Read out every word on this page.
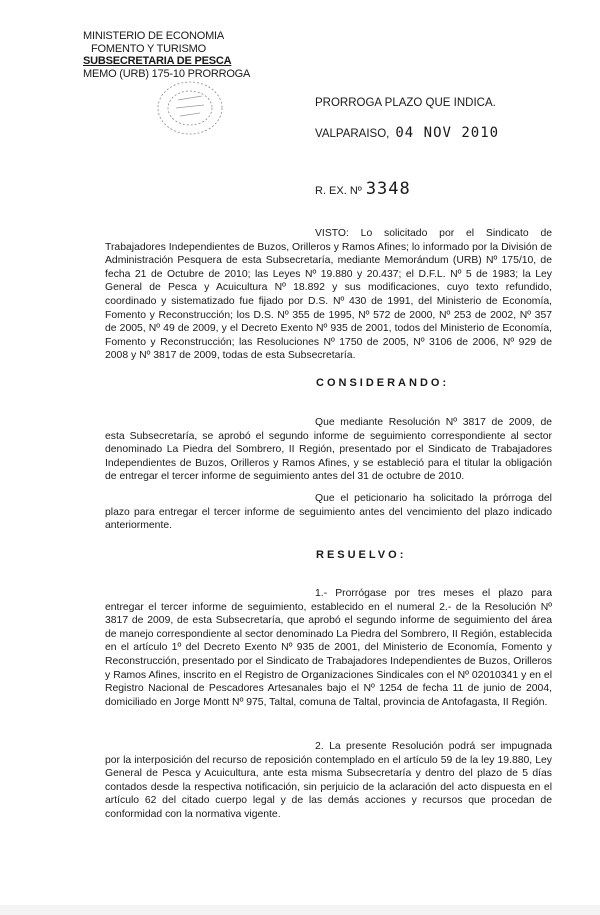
MINISTERIO DE ECONOMIA
FOMENTO Y TURISMO
SUBSECRETARIA DE PESCA
MEMO (URB) 175-10 PRORROGA
PRORROGA PLAZO QUE INDICA.
VALPARAISO, 04 NOV 2010
R. EX. Nº 3348
VISTO: Lo solicitado por el Sindicato de Trabajadores Independientes de Buzos, Orilleros y Ramos Afines; lo informado por la División de Administración Pesquera de esta Subsecretaría, mediante Memorándum (URB) Nº 175/10, de fecha 21 de Octubre de 2010; las Leyes Nº 19.880 y 20.437; el D.F.L. Nº 5 de 1983; la Ley General de Pesca y Acuicultura Nº 18.892 y sus modificaciones, cuyo texto refundido, coordinado y sistematizado fue fijado por D.S. Nº 430 de 1991, del Ministerio de Economía, Fomento y Reconstrucción; los D.S. Nº 355 de 1995, Nº 572 de 2000, Nº 253 de 2002, Nº 357 de 2005, Nº 49 de 2009, y el Decreto Exento Nº 935 de 2001, todos del Ministerio de Economía, Fomento y Reconstrucción; las Resoluciones Nº 1750 de 2005, Nº 3106 de 2006, Nº 929 de 2008 y Nº 3817 de 2009, todas de esta Subsecretaría.
CONSIDERANDO:
Que mediante Resolución Nº 3817 de 2009, de esta Subsecretaría, se aprobó el segundo informe de seguimiento correspondiente al sector denominado La Piedra del Sombrero, II Región, presentado por el Sindicato de Trabajadores Independientes de Buzos, Orilleros y Ramos Afines, y se estableció para el titular la obligación de entregar el tercer informe de seguimiento antes del 31 de octubre de 2010.
Que el peticionario ha solicitado la prórroga del plazo para entregar el tercer informe de seguimiento antes del vencimiento del plazo indicado anteriormente.
RESUELVO:
1.- Prorrógase por tres meses el plazo para entregar el tercer informe de seguimiento, establecido en el numeral 2.- de la Resolución Nº 3817 de 2009, de esta Subsecretaría, que aprobó el segundo informe de seguimiento del área de manejo correspondiente al sector denominado La Piedra del Sombrero, II Región, establecida en el artículo 1º del Decreto Exento Nº 935 de 2001, del Ministerio de Economía, Fomento y Reconstrucción, presentado por el Sindicato de Trabajadores Independientes de Buzos, Orilleros y Ramos Afines, inscrito en el Registro de Organizaciones Sindicales con el Nº 02010341 y en el Registro Nacional de Pescadores Artesanales bajo el Nº 1254 de fecha 11 de junio de 2004, domiciliado en Jorge Montt Nº 975, Taltal, comuna de Taltal, provincia de Antofagasta, II Región.
2. La presente Resolución podrá ser impugnada por la interposición del recurso de reposición contemplado en el artículo 59 de la ley 19.880, Ley General de Pesca y Acuicultura, ante esta misma Subsecretaría y dentro del plazo de 5 días contados desde la respectiva notificación, sin perjuicio de la aclaración del acto dispuesta en el artículo 62 del citado cuerpo legal y de las demás acciones y recursos que procedan de conformidad con la normativa vigente.
